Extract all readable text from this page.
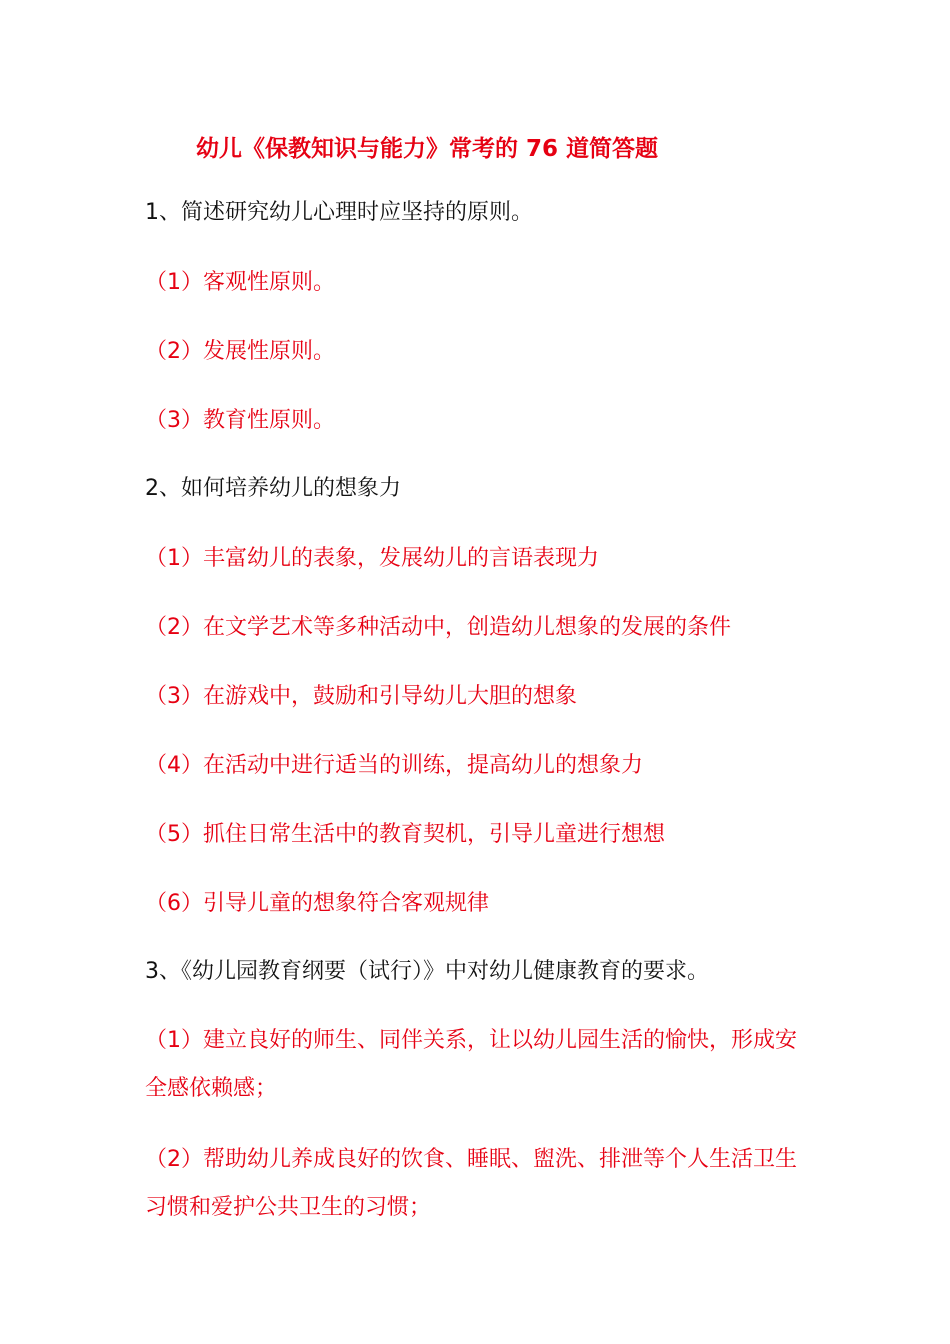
幼儿《保教知识与能力》常考的 76 道简答题
1、简述研究幼儿心理时应坚持的原则。
（1）客观性原则。
（2）发展性原则。
（3）教育性原则。
2、如何培养幼儿的想象力
（1）丰富幼儿的表象，发展幼儿的言语表现力
（2）在文学艺术等多种活动中，创造幼儿想象的发展的条件
（3）在游戏中，鼓励和引导幼儿大胆的想象
（4）在活动中进行适当的训练，提高幼儿的想象力
（5）抓住日常生活中的教育契机，引导儿童进行想想
（6）引导儿童的想象符合客观规律
3、《幼儿园教育纲要（试行）》中对幼儿健康教育的要求。
（1）建立良好的师生、同伴关系，让以幼儿园生活的愉快，形成安全感依赖感；
（2）帮助幼儿养成良好的饮食、睡眠、盥洗、排泄等个人生活卫生习惯和爱护公共卫生的习惯；
